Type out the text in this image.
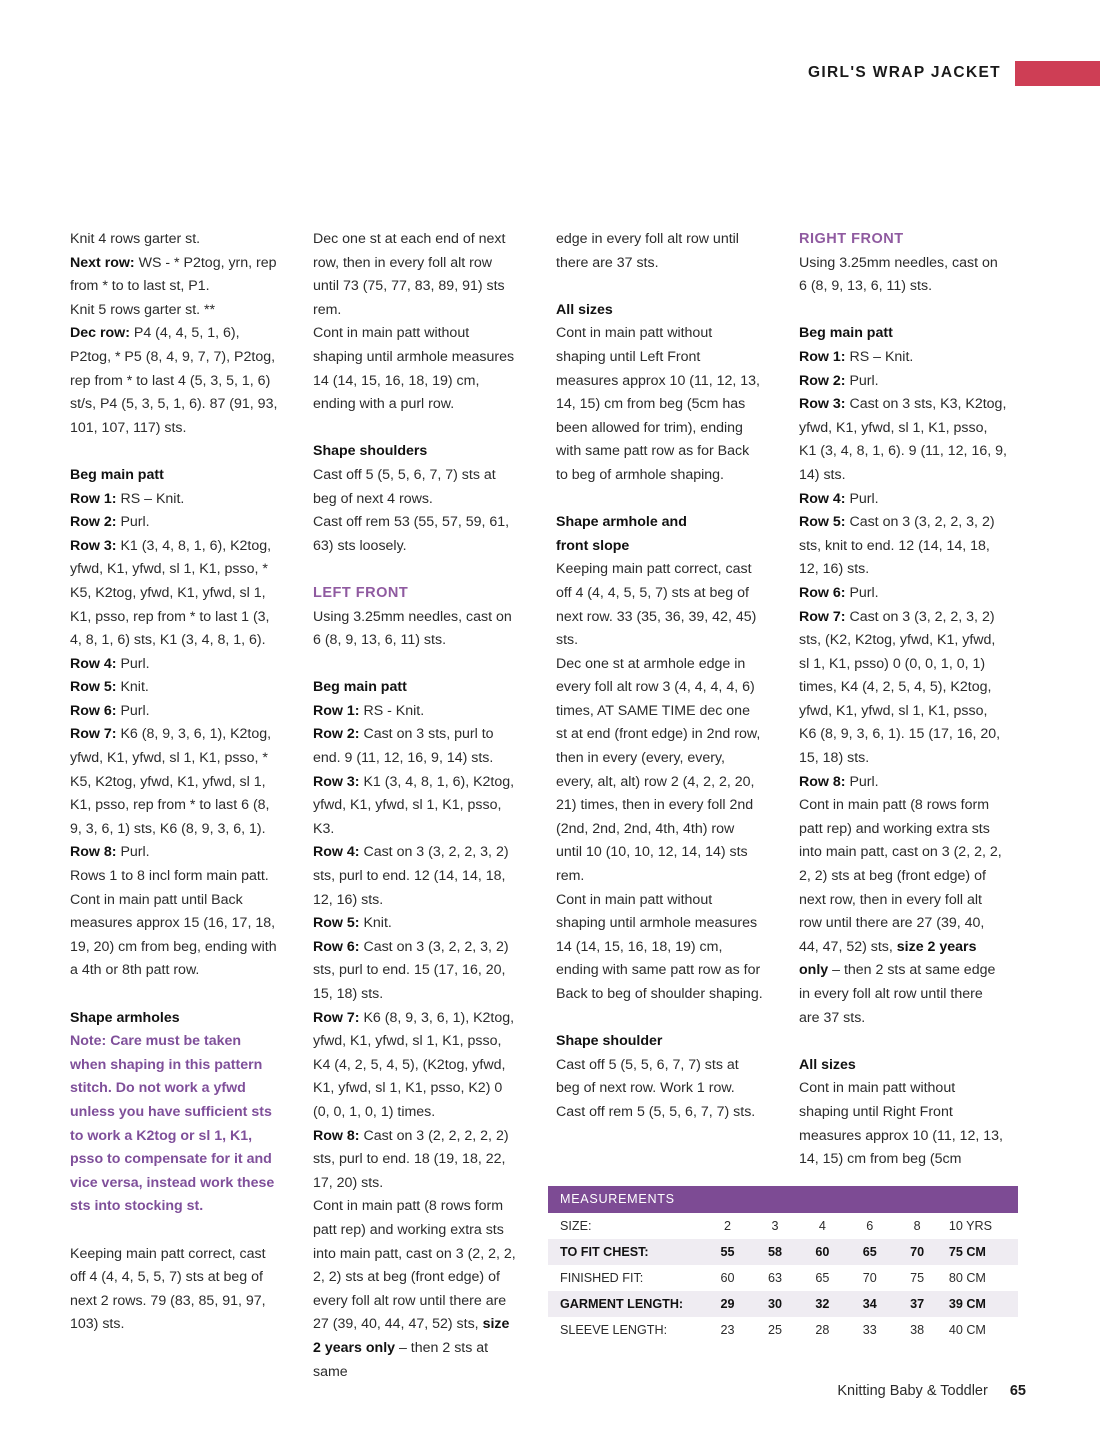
GIRL'S WRAP JACKET

Knit 4 rows garter st.
Next row: WS - * P2tog, yrn, rep from * to to last st, P1.
Knit 5 rows garter st. **
Dec row: P4 (4, 4, 5, 1, 6), P2tog, * P5 (8, 4, 9, 7, 7), P2tog, rep from * to last 4 (5, 3, 5, 1, 6) st/s, P4 (5, 3, 5, 1, 6). 87 (91, 93, 101, 107, 117) sts.

Beg main patt

Row 1: RS – Knit.
Row 2: Purl.
Row 3: K1 (3, 4, 8, 1, 6), K2tog, yfwd, K1, yfwd, sl 1, K1, psso, * K5, K2tog, yfwd, K1, yfwd, sl 1, K1, psso, rep from * to last 1 (3, 4, 8, 1, 6) sts, K1 (3, 4, 8, 1, 6).
Row 4: Purl.
Row 5: Knit.
Row 6: Purl.
Row 7: K6 (8, 9, 3, 6, 1), K2tog, yfwd, K1, yfwd, sl 1, K1, psso, * K5, K2tog, yfwd, K1, yfwd, sl 1, K1, psso, rep from * to last 6 (8, 9, 3, 6, 1) sts, K6 (8, 9, 3, 6, 1).
Row 8: Purl.
Rows 1 to 8 incl form main patt. Cont in main patt until Back measures approx 15 (16, 17, 18, 19, 20) cm from beg, ending with a 4th or 8th patt row.

Shape armholes

Note: Care must be taken when shaping in this pattern stitch. Do not work a yfwd unless you have sufficient sts to work a K2tog or sl 1, K1, psso to compensate for it and vice versa, instead work these sts into stocking st.

Keeping main patt correct, cast off 4 (4, 4, 5, 5, 7) sts at beg of next 2 rows. 79 (83, 85, 91, 97, 103) sts.

Dec one st at each end of next row, then in every foll alt row until 73 (75, 77, 83, 89, 91) sts rem.

Cont in main patt without shaping until armhole measures 14 (14, 15, 16, 18, 19) cm, ending with a purl row.

Shape shoulders

Cast off 5 (5, 5, 6, 7, 7) sts at beg of next 4 rows.

Cast off rem 53 (55, 57, 59, 61, 63) sts loosely.

LEFT FRONT

Using 3.25mm needles, cast on 6 (8, 9, 13, 6, 11) sts.

Beg main patt

Row 1: RS - Knit.
Row 2: Cast on 3 sts, purl to end. 9 (11, 12, 16, 9, 14) sts.
Row 3: K1 (3, 4, 8, 1, 6), K2tog, yfwd, K1, yfwd, sl 1, K1, psso, K3.
Row 4: Cast on 3 (3, 2, 2, 3, 2) sts, purl to end. 12 (14, 14, 18, 12, 16) sts.
Row 5: Knit.
Row 6: Cast on 3 (3, 2, 2, 3, 2) sts, purl to end. 15 (17, 16, 20, 15, 18) sts.
Row 7: K6 (8, 9, 3, 6, 1), K2tog, yfwd, K1, yfwd, sl 1, K1, psso, K4 (4, 2, 5, 4, 5), (K2tog, yfwd, K1, yfwd, sl 1, K1, psso, K2) 0 (0, 0, 1, 0, 1) times.
Row 8: Cast on 3 (2, 2, 2, 2, 2) sts, purl to end. 18 (19, 18, 22, 17, 20) sts.
Cont in main patt (8 rows form patt rep) and working extra sts into main patt, cast on 3 (2, 2, 2, 2, 2) sts at beg (front edge) of every foll alt row until there are 27 (39, 40, 44, 47, 52) sts, size 2 years only – then 2 sts at same

edge in every foll alt row until there are 37 sts.

All sizes

Cont in main patt without shaping until Left Front measures approx 10 (11, 12, 13, 14, 15) cm from beg (5cm has been allowed for trim), ending with same patt row as for Back to beg of armhole shaping.

Shape armhole and
front slope

Keeping main patt correct, cast off 4 (4, 4, 5, 5, 7) sts at beg of next row. 33 (35, 36, 39, 42, 45) sts.

Dec one st at armhole edge in every foll alt row 3 (4, 4, 4, 4, 6) times, AT SAME TIME dec one st at end (front edge) in 2nd row, then in every (every, every, every, alt, alt) row 2 (4, 2, 2, 20, 21) times, then in every foll 2nd (2nd, 2nd, 2nd, 4th, 4th) row until 10 (10, 10, 12, 14, 14) sts rem.

Cont in main patt without shaping until armhole measures 14 (14, 15, 16, 18, 19) cm, ending with same patt row as for Back to beg of shoulder shaping.

Shape shoulder

Cast off 5 (5, 5, 6, 7, 7) sts at beg of next row. Work 1 row.

Cast off rem 5 (5, 5, 6, 7, 7) sts.

RIGHT FRONT

Using 3.25mm needles, cast on 6 (8, 9, 13, 6, 11) sts.

Beg main patt

Row 1: RS – Knit.
Row 2: Purl.
Row 3: Cast on 3 sts, K3, K2tog, yfwd, K1, yfwd, sl 1, K1, psso, K1 (3, 4, 8, 1, 6). 9 (11, 12, 16, 9, 14) sts.
Row 4: Purl.
Row 5: Cast on 3 (3, 2, 2, 3, 2) sts, knit to end. 12 (14, 14, 18, 12, 16) sts.
Row 6: Purl.
Row 7: Cast on 3 (3, 2, 2, 3, 2) sts, (K2, K2tog, yfwd, K1, yfwd, sl 1, K1, psso) 0 (0, 0, 1, 0, 1) times, K4 (4, 2, 5, 4, 5), K2tog, yfwd, K1, yfwd, sl 1, K1, psso, K6 (8, 9, 3, 6, 1). 15 (17, 16, 20, 15, 18) sts.
Row 8: Purl.
Cont in main patt (8 rows form patt rep) and working extra sts into main patt, cast on 3 (2, 2, 2, 2, 2) sts at beg (front edge) of next row, then in every foll alt row until there are 27 (39, 40, 44, 47, 52) sts, size 2 years only – then 2 sts at same edge in every foll alt row until there are 37 sts.

All sizes

Cont in main patt without shaping until Right Front measures approx 10 (11, 12, 13, 14, 15) cm from beg (5cm

MEASUREMENTS						
SIZE:	2	3	4	6	8	10 YRS
TO FIT CHEST:	55	58	60	65	70	75 CM
FINISHED FIT:	60	63	65	70	75	80 CM
GARMENT LENGTH:	29	30	32	34	37	39 CM
SLEEVE LENGTH:	23	25	28	33	38	40 CM

Knitting Baby & Toddler 65
